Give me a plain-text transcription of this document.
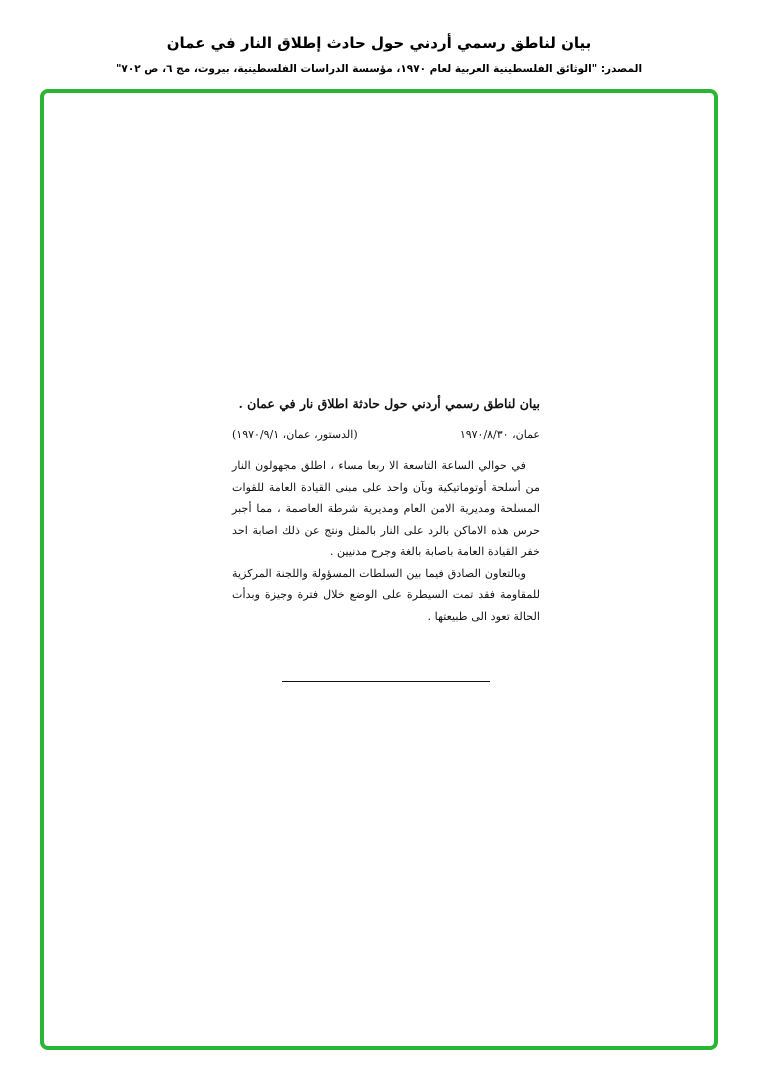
بيان لناطق رسمي أردني حول حادث إطلاق النار في عمان
المصدر: "الوثائق الفلسطينية العربية لعام ١٩٧٠، مؤسسة الدراسات الفلسطينية، بيروت، مج ٦، ص ٧٠٢"
بيان لناطق رسمي أردني حول حادثة اطلاق نار في عمان .
عمان، ١٩٧٠/٨/٣٠
(الدستور، عمان، ١٩٧٠/٩/١)

في حوالي الساعة التاسعة الا ربعا مساء ، اطلق مجهولون النار من أسلحة أوتوماتيكية وبآن واحد على مبنى القيادة العامة للقوات المسلحة ومديرية الامن العام ومديرية شرطة العاصمة ، مما أجبر حرس هذه الاماكن بالرد على النار بالمثل ونتج عن ذلك اصابة احد خفر القيادة العامة باصابة بالغة وجرح مدنيين .

وبالتعاون الصادق فيما بين السلطات المسؤولة واللجنة المركزية للمقاومة فقد تمت السيطرة على الوضع خلال فترة وجيزة وبدأت الحالة تعود الى طبيعتها .
